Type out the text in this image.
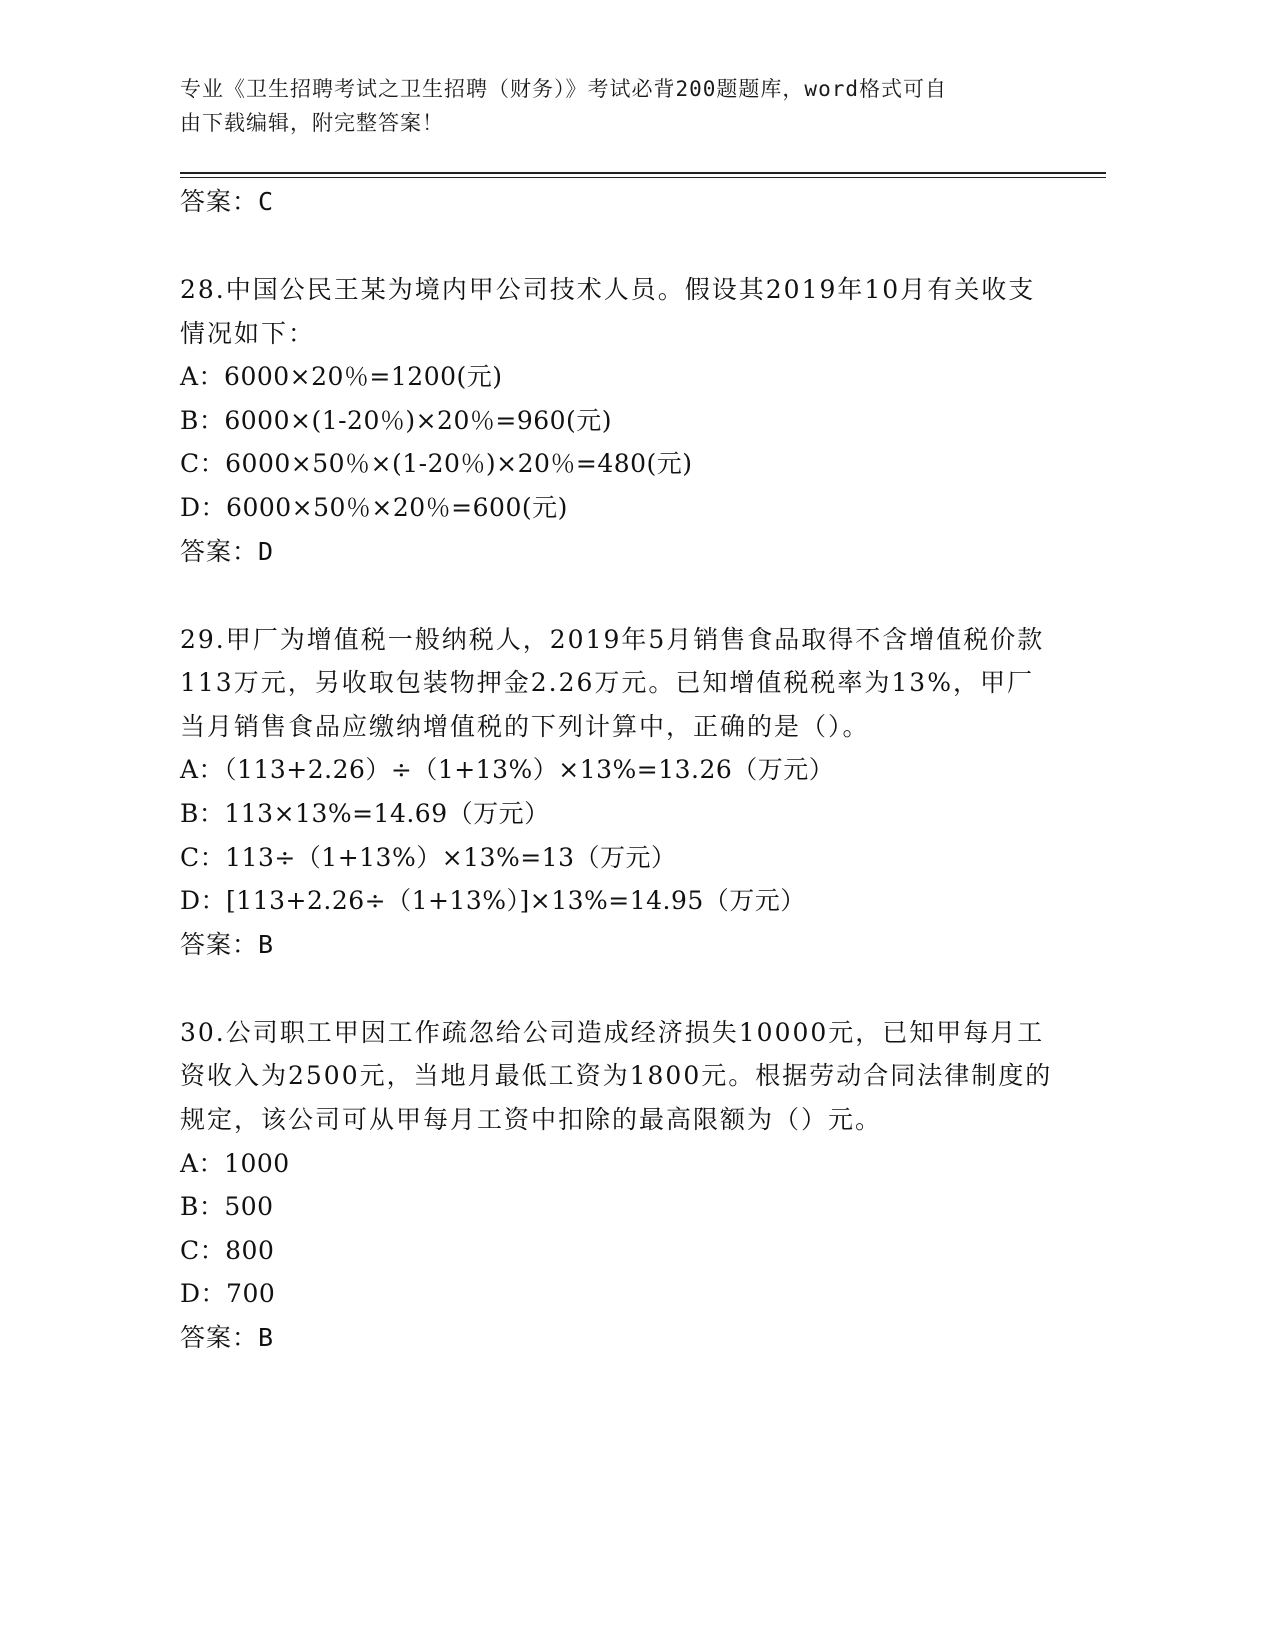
专业《卫生招聘考试之卫生招聘（财务）》考试必背200题题库，word格式可自
由下载编辑，附完整答案！
答案：C

28.中国公民王某为境内甲公司技术人员。假设其2019年10月有关收支情况如下：

A：6000×20％=1200(元)
B：6000×(1-20％)×20％=960(元)
C：6000×50％×(1-20％)×20％=480(元)
D：6000×50％×20％=600(元)
答案：D

29.甲厂为增值税一般纳税人，2019年5月销售食品取得不含增值税价款113万元，另收取包装物押金2.26万元。已知增值税税率为13%，甲厂当月销售食品应缴纳增值税的下列计算中，正确的是（）。

A：（113+2.26）÷（1+13%）×13%=13.26（万元）
B：113×13%=14.69（万元）
C：113÷（1+13%）×13%=13（万元）
D：[113+2.26÷（1+13%）]×13%=14.95（万元）
答案：B

30.公司职工甲因工作疏忽给公司造成经济损失10000元，已知甲每月工资收入为2500元，当地月最低工资为1800元。根据劳动合同法律制度的规定，该公司可从甲每月工资中扣除的最高限额为（）元。

A：1000
B：500
C：800
D：700
答案：B
